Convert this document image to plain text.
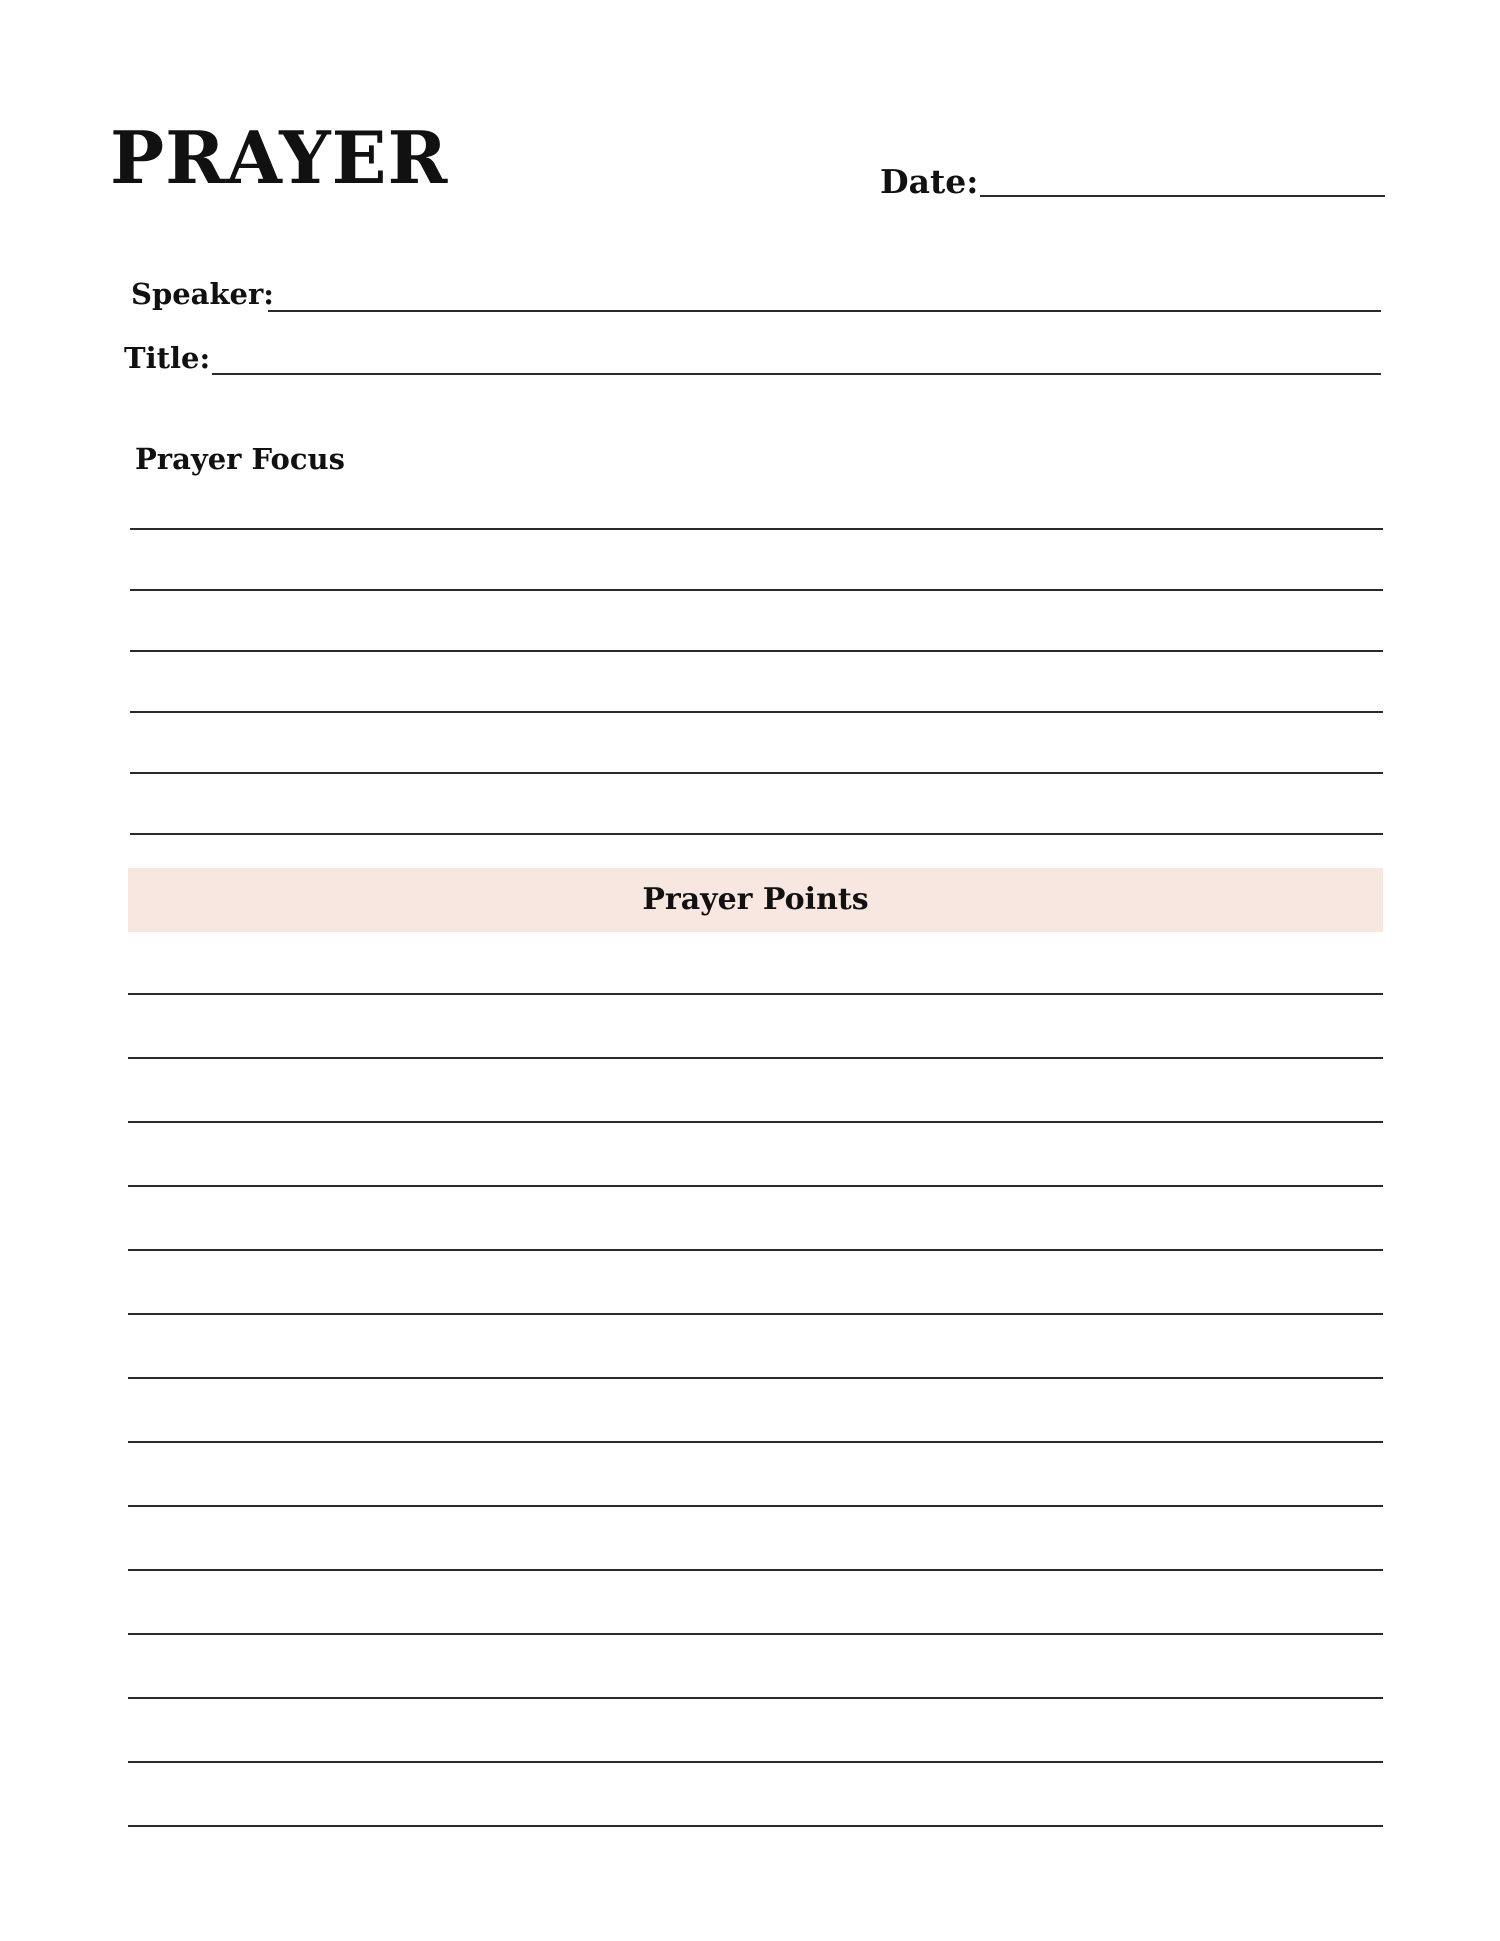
PRAYER	Date:
Speaker:
Title:
Prayer Focus
Prayer Points
